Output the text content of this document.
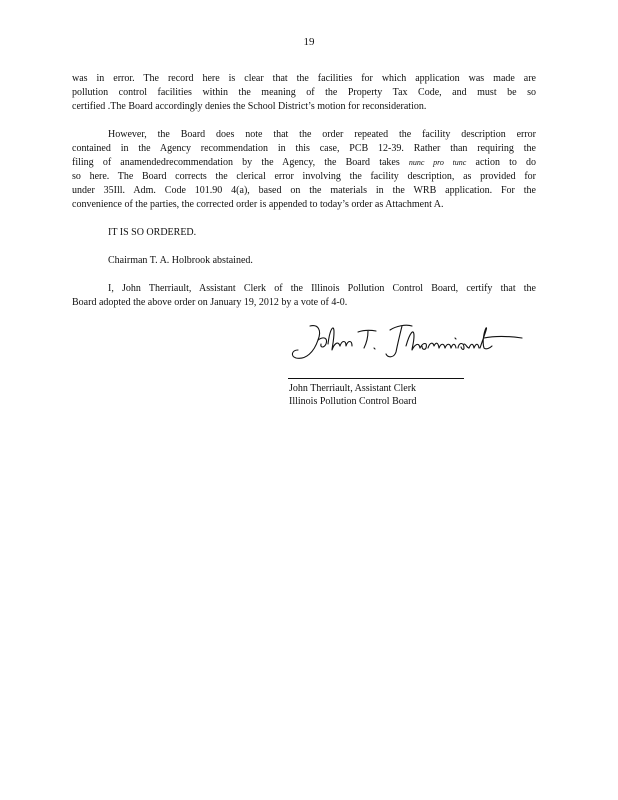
19
was in error. The record here is clear that the facilities for which application was made are
pollution control facilities within the meaning of the Property Tax Code, and must be so
certified .The Board accordingly denies the School District’s motion for reconsideration.
However, the Board does note that the order repeated the facility description error
contained in the Agency recommendation in this case, PCB 12-39. Rather than requiring the
filing of anamendedrecommendation by the Agency, the Board takes nunc pro tunc action to do
so here. The Board corrects the clerical error involving the facility description, as provided for
under 35Ill. Adm. Code 101.90 4(a), based on the materials in the WRB application. For the
convenience of the parties, the corrected order is appended to today’s order as Attachment A.
IT IS SO ORDERED.
Chairman T. A. Holbrook abstained.
I, John Therriault, Assistant Clerk of the Illinois Pollution Control Board, certify that the
Board adopted the above order on January 19, 2012 by a vote of 4-0.
John Therriault, Assistant Clerk
Illinois Pollution Control Board
